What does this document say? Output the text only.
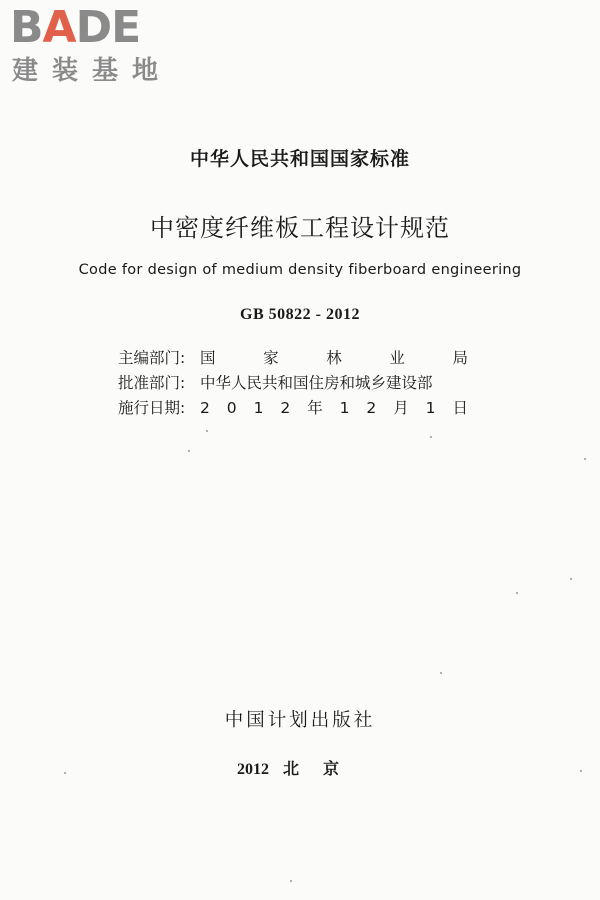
BADE
建装基地
中华人民共和国国家标准
中密度纤维板工程设计规范
Code for design of medium density fiberboard engineering
GB 50822 - 2012
主编部门: 国	家	林	业	局
批准部门: 中华人民共和国住房和城乡建设部
施行日期: 2 0 1 2 年 1 2 月 1 日
中国计划出版社
2012 北京
